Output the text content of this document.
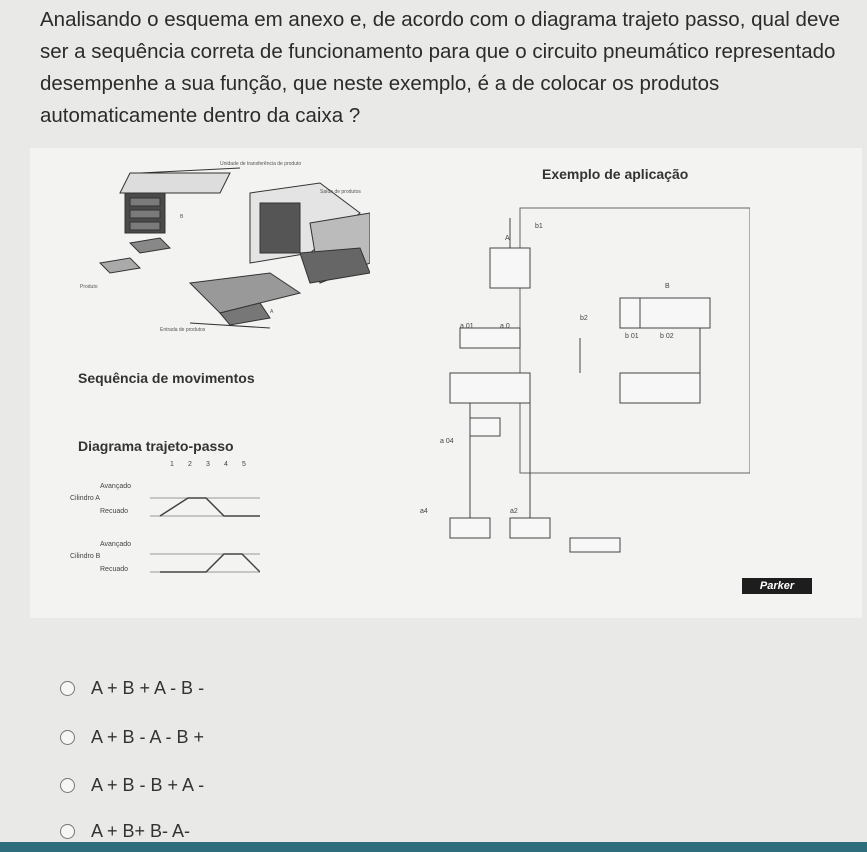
Analisando o esquema em anexo e, de acordo com o diagrama trajeto passo, qual deve ser a sequência correta de funcionamento para que o circuito pneumático representado desempenhe a sua função, que neste exemplo, é a de colocar os produtos automaticamente dentro da caixa ?
Unidade de transferência de produto
B
A
Produto
Entrada de produtos
Saída de produtos
Sequência de movimentos
Diagrama trajeto-passo
Exemplo de aplicação
1 2 3 4 5
Cilindro A
Avançado
Recuado
Cilindro B
Avançado
Recuado
b1
A
B
b2
a 0
a 01
b 01	b 02
a 04
a4	a2
Parker
A + B + A - B -
A + B - A - B +
A + B - B + A -
A + B+ B- A-
